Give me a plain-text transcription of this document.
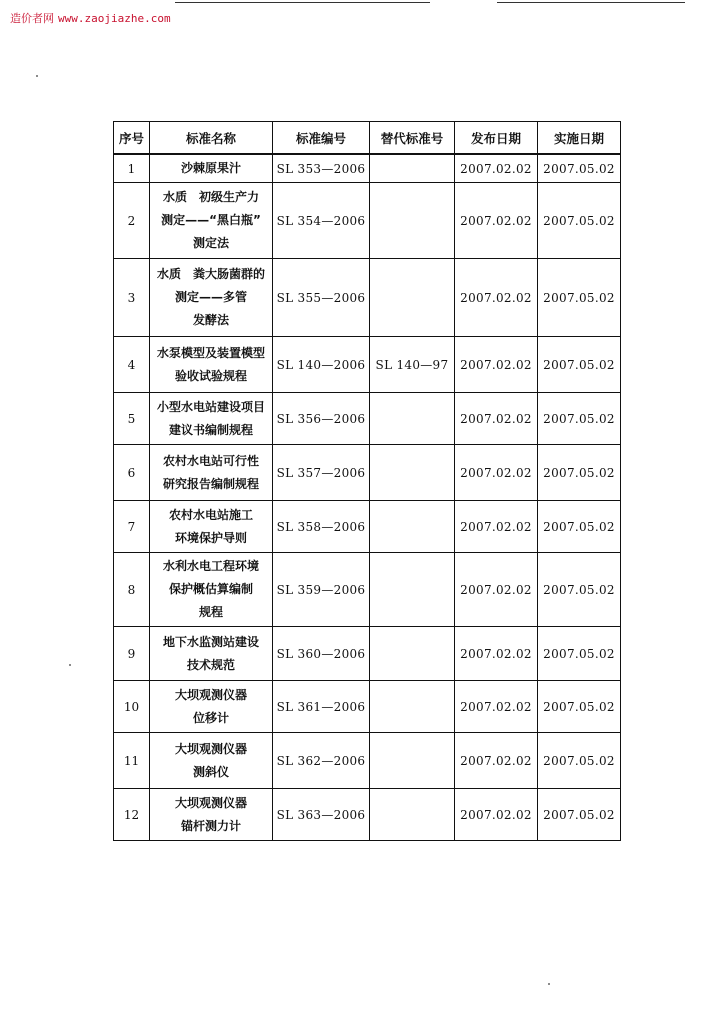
造价者网 www.zaojiazhe.com
序号	标准名称	标准编号	替代标准号	发布日期	实施日期
1	沙棘原果汁	SL 353—2006		2007.02.02	2007.05.02
2	水质　初级生产力
测定——“黑白瓶”
测定法	SL 354—2006		2007.02.02	2007.05.02
3	水质　粪大肠菌群的
测定——多管
发酵法	SL 355—2006		2007.02.02	2007.05.02
4	水泵模型及装置模型
验收试验规程	SL 140—2006	SL 140—97	2007.02.02	2007.05.02
5	小型水电站建设项目
建议书编制规程	SL 356—2006		2007.02.02	2007.05.02
6	农村水电站可行性
研究报告编制规程	SL 357—2006		2007.02.02	2007.05.02
7	农村水电站施工
环境保护导则	SL 358—2006		2007.02.02	2007.05.02
8	水利水电工程环境
保护概估算编制
规程	SL 359—2006		2007.02.02	2007.05.02
9	地下水监测站建设
技术规范	SL 360—2006		2007.02.02	2007.05.02
10	大坝观测仪器
位移计	SL 361—2006		2007.02.02	2007.05.02
11	大坝观测仪器
测斜仪	SL 362—2006		2007.02.02	2007.05.02
12	大坝观测仪器
锚杆测力计	SL 363—2006		2007.02.02	2007.05.02
